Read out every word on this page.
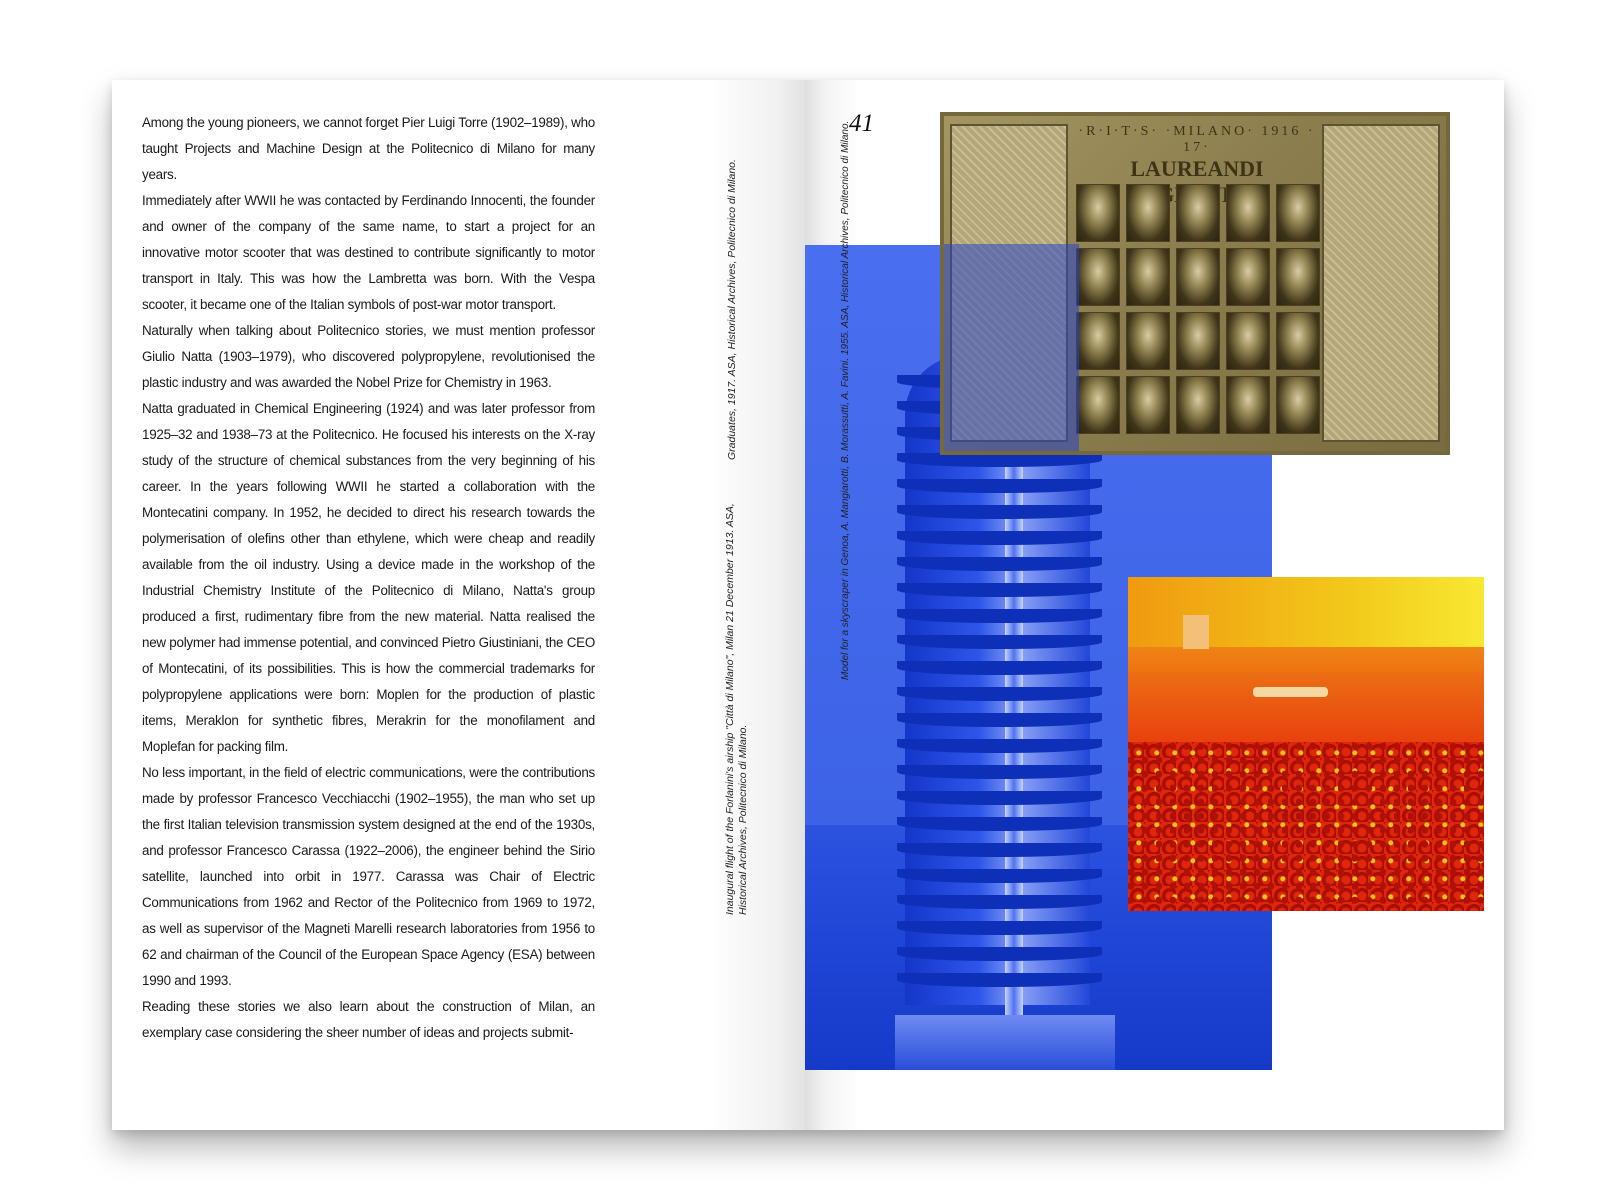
Among the young pioneers, we cannot forget Pier Luigi Torre (1902–1989), who taught Projects and Machine Design at the Politecnico di Milano for many years.

Immediately after WWII he was contacted by Ferdinando Innocenti, the founder and owner of the company of the same name, to start a project for an innovative motor scooter that was destined to contribute significantly to motor transport in Italy. This was how the Lambretta was born. With the Vespa scooter, it became one of the Italian symbols of post-war motor transport.

Naturally when talking about Politecnico stories, we must mention professor Giulio Natta (1903–1979), who discovered polypropylene, revolutionised the plastic industry and was awarded the Nobel Prize for Chemistry in 1963.

Natta graduated in Chemical Engineering (1924) and was later professor from 1925–32 and 1938–73 at the Politecnico. He focused his interests on the X-ray study of the structure of chemical substances from the very beginning of his career. In the years following WWII he started a collaboration with the Montecatini company. In 1952, he decided to direct his research towards the polymerisation of olefins other than ethylene, which were cheap and readily available from the oil industry. Using a device made in the workshop of the Industrial Chemistry Institute of the Politecnico di Milano, Natta's group produced a first, rudimentary fibre from the new material. Natta realised the new polymer had immense potential, and convinced Pietro Giustiniani, the CEO of Montecatini, of its possibilities. This is how the commercial trademarks for polypropylene applications were born: Moplen for the production of plastic items, Meraklon for synthetic fibres, Merakrin for the monofilament and Moplefan for packing film.

No less important, in the field of electric communications, were the contributions made by professor Francesco Vecchiacchi (1902–1955), the man who set up the first Italian television transmission system designed at the end of the 1930s, and professor Francesco Carassa (1922–2006), the engineer behind the Sirio satellite, launched into orbit in 1977. Carassa was Chair of Electric Communications from 1962 and Rector of the Politecnico from 1969 to 1972, as well as supervisor of the Magneti Marelli research laboratories from 1956 to 62 and chairman of the Council of the European Space Agency (ESA) between 1990 and 1993.

Reading these stories we also learn about the construction of Milan, an exemplary case considering the sheer number of ideas and projects submit-

Inaugural flight of the Forlanini's airship "Città di Milano", Milan 21 December 1913. ASA, Historical Archives, Politecnico di Milano.
Graduates, 1917. ASA, Historical Archives, Politecnico di Milano.
41
Model for a skyscraper in Genoa, A. Mangiarotti, B. Morassutti, A. Favini. 1955. ASA, Historical Archives, Politecnico di Milano.	·R·I·T·S· ·MILANO· 1916 · 17·
LAUREANDI
